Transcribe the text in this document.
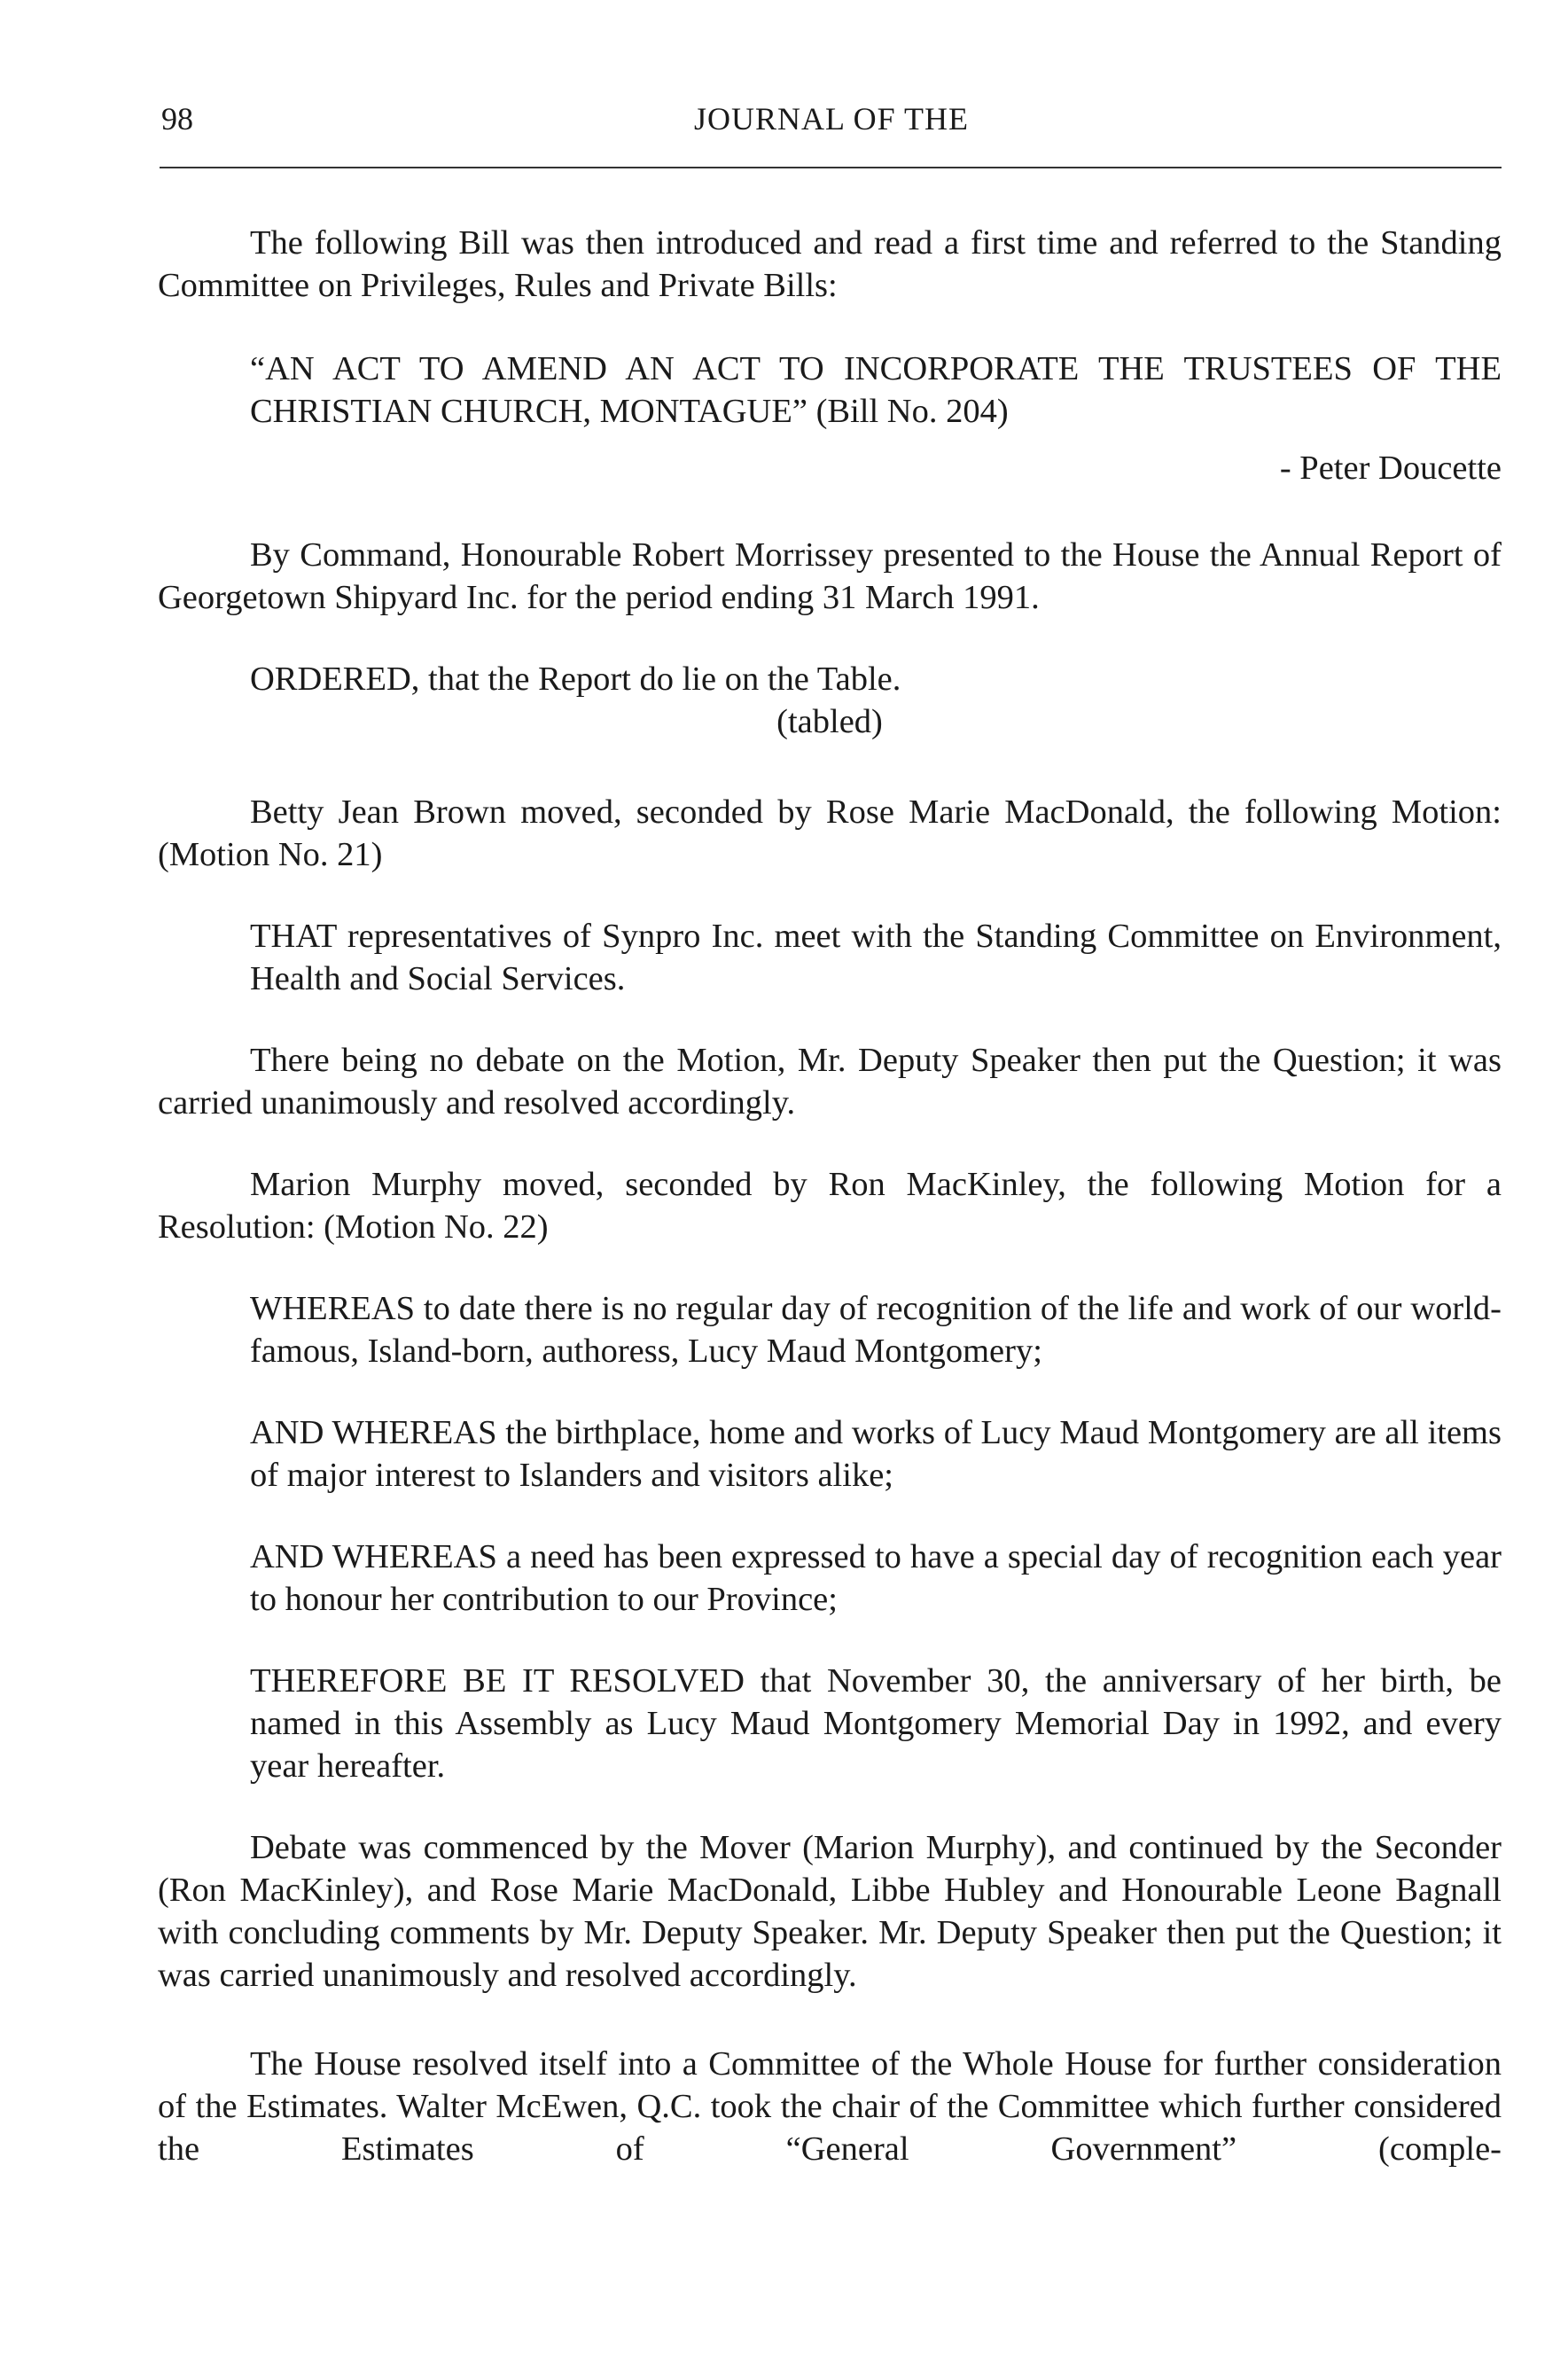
98	JOURNAL OF THE

The following Bill was then introduced and read a first time and referred to the Standing Committee on Privileges, Rules and Private Bills:

“AN ACT TO AMEND AN ACT TO INCORPORATE THE TRUSTEES OF THE CHRISTIAN CHURCH, MONTAGUE” (Bill No. 204)

- Peter Doucette

By Command, Honourable Robert Morrissey presented to the House the Annual Report of Georgetown Shipyard Inc. for the period ending 31 March 1991.

ORDERED, that the Report do lie on the Table.

(tabled)

Betty Jean Brown moved, seconded by Rose Marie MacDonald, the following Motion: (Motion No. 21)

THAT representatives of Synpro Inc. meet with the Standing Committee on Environment, Health and Social Services.

There being no debate on the Motion, Mr. Deputy Speaker then put the Question; it was carried unanimously and resolved accordingly.

Marion Murphy moved, seconded by Ron MacKinley, the following Motion for a Resolution: (Motion No. 22)

WHEREAS to date there is no regular day of recognition of the life and work of our world-famous, Island-born, authoress, Lucy Maud Montgomery;

AND WHEREAS the birthplace, home and works of Lucy Maud Montgomery are all items of major interest to Islanders and visitors alike;

AND WHEREAS a need has been expressed to have a special day of recognition each year to honour her contribution to our Province;

THEREFORE BE IT RESOLVED that November 30, the anniversary of her birth, be named in this Assembly as Lucy Maud Montgomery Memorial Day in 1992, and every year hereafter.

Debate was commenced by the Mover (Marion Murphy), and continued by the Seconder (Ron MacKinley), and Rose Marie MacDonald, Libbe Hubley and Honourable Leone Bagnall with concluding comments by Mr. Deputy Speaker. Mr. Deputy Speaker then put the Question; it was carried unanimously and resolved accordingly.

The House resolved itself into a Committee of the Whole House for further consideration of the Estimates. Walter McEwen, Q.C. took the chair of the Committee which further considered the Estimates of “General Government” (comple-
